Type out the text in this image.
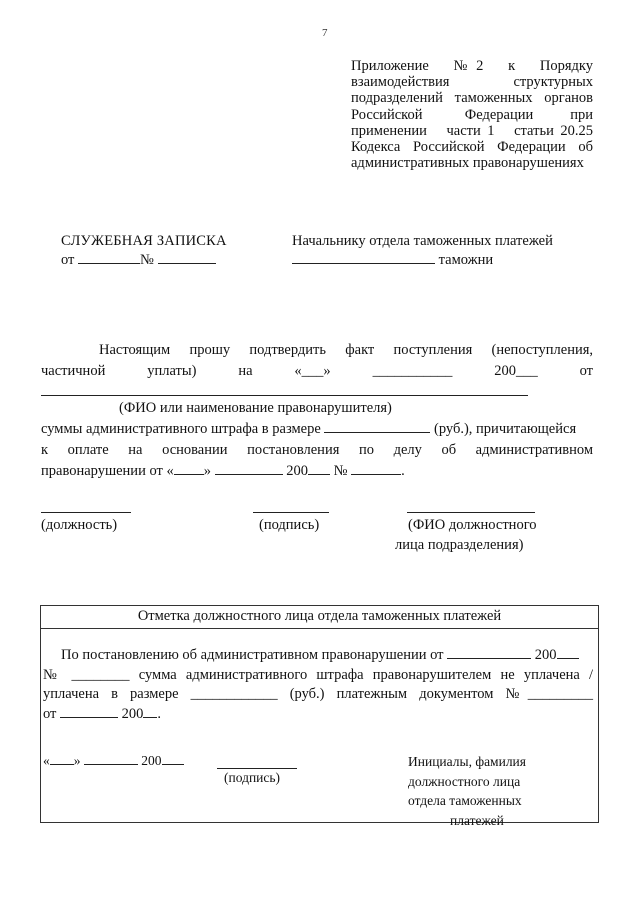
7
Приложение    № 2    к    Порядку
взаимодействия           структурных
подразделений таможенных органов
Российской        Федерации       при
применении   части 1   статьи 20.25
Кодекса Российской Федерации об
административных правонарушениях
СЛУЖЕБНАЯ ЗАПИСКА
от	№
Начальнику отдела таможенных платежей
таможни
Настоящим прошу подтвердить факт поступления (непоступления,
частичной	уплаты)	на	«___»	___________	200___	от
(ФИО или наименование правонарушителя)
суммы административного штрафа в размере	(руб.), причитающейся
к оплате на основании постановления по делу об административном
правонарушении от « »	200 №	.
(должность)	(подпись)	(ФИО должностного
лица подразделения)
Отметка должностного лица отдела таможенных платежей
По постановлению об административном правонарушении от	200
№ ________ сумма административного штрафа правонарушителем не уплачена /
уплачена в размере ____________ (руб.) платежным документом №_________
от	200 .
« »	200
(подпись)
Инициалы, фамилия
должностного лица
отдела таможенных
платежей
